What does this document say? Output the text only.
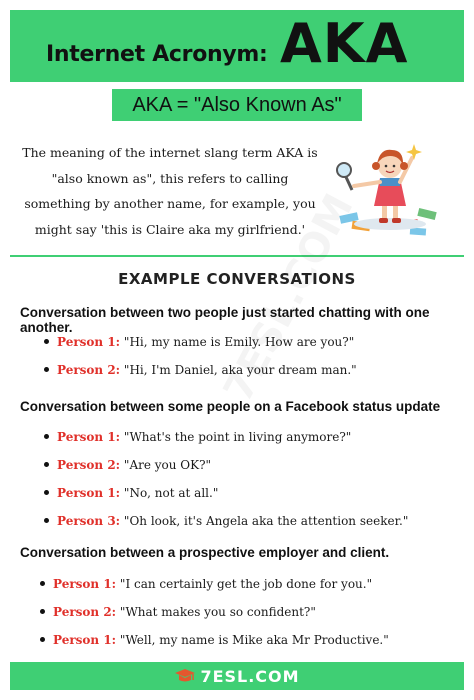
Internet Acronym: AKA
AKA = "Also Known As"
The meaning of the internet slang term AKA is "also known as", this refers to calling something by another name, for example, you might say 'this is Claire aka my girlfriend.'
EXAMPLE CONVERSATIONS
Conversation between two people just started chatting with one another.
Person 1: "Hi, my name is Emily. How are you?"
Person 2: "Hi, I'm Daniel, aka your dream man."
Conversation between some people on a Facebook status update
Person 1: "What's the point in living anymore?"
Person 2: "Are you OK?"
Person 1: "No, not at all."
Person 3: "Oh look, it's Angela aka the attention seeker."
Conversation between a prospective employer and client.
Person 1: "I can certainly get the job done for you."
Person 2: "What makes you so confident?"
Person 1: "Well, my name is Mike aka Mr Productive."
7ESL.COM
